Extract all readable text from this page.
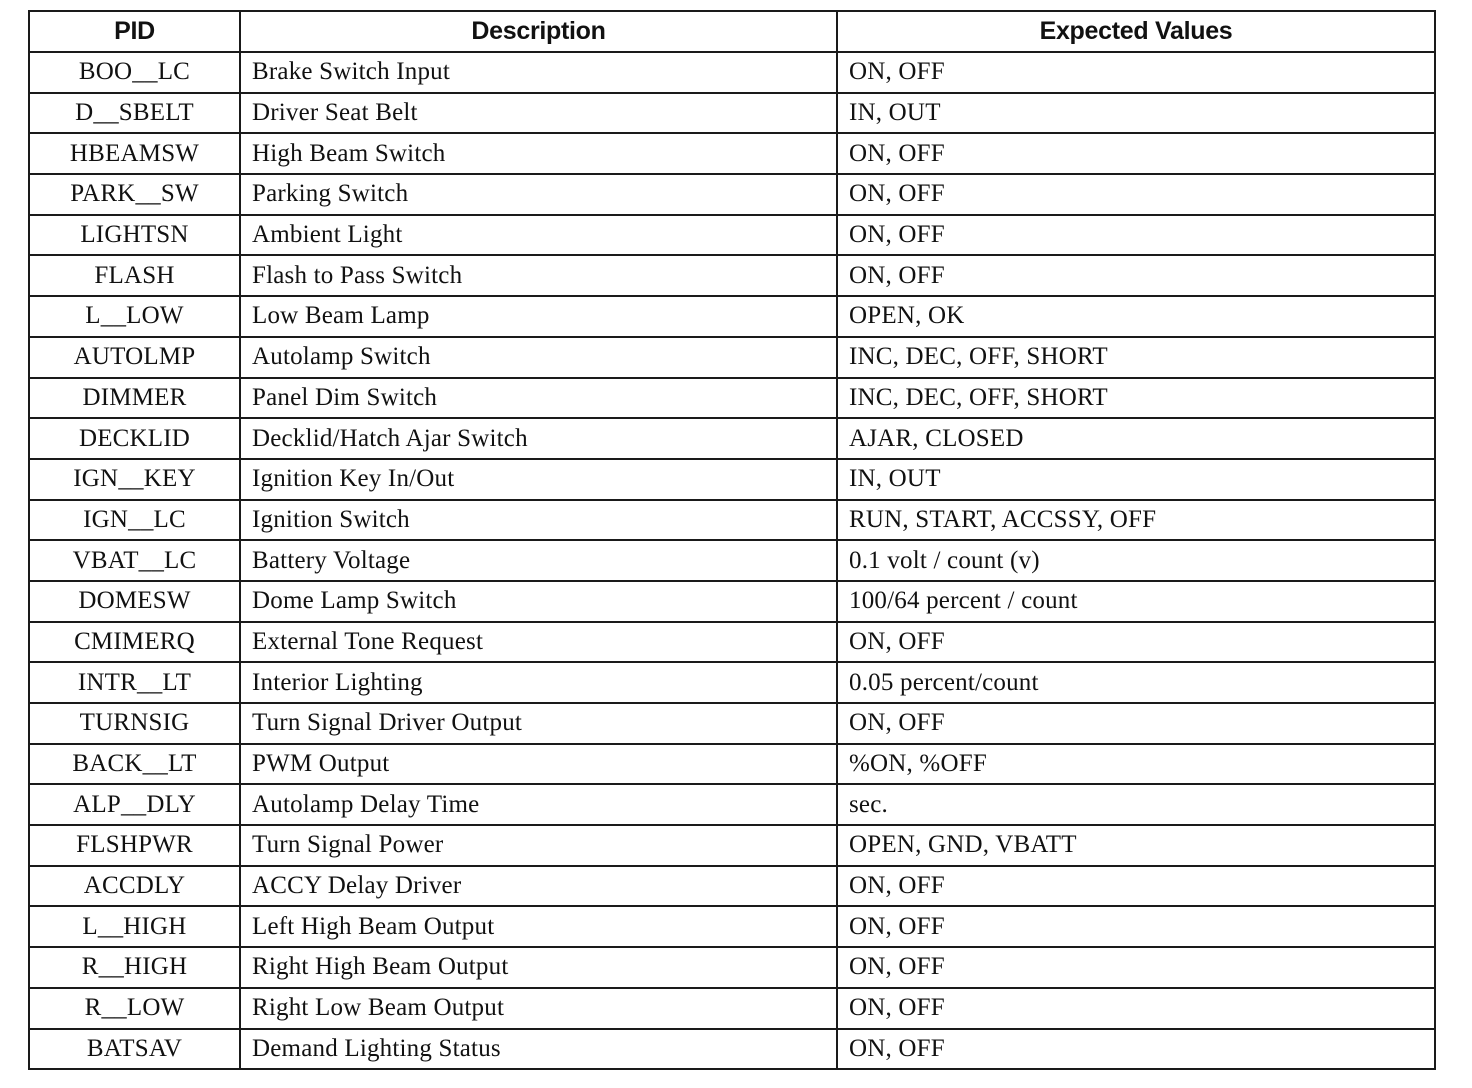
PID	Description	Expected Values
BOO__LC	Brake Switch Input	ON, OFF
D__SBELT	Driver Seat Belt	IN, OUT
HBEAMSW	High Beam Switch	ON, OFF
PARK__SW	Parking Switch	ON, OFF
LIGHTSN	Ambient Light	ON, OFF
FLASH	Flash to Pass Switch	ON, OFF
L__LOW	Low Beam Lamp	OPEN, OK
AUTOLMP	Autolamp Switch	INC, DEC, OFF, SHORT
DIMMER	Panel Dim Switch	INC, DEC, OFF, SHORT
DECKLID	Decklid/Hatch Ajar Switch	AJAR, CLOSED
IGN__KEY	Ignition Key In/Out	IN, OUT
IGN__LC	Ignition Switch	RUN, START, ACCSSY, OFF
VBAT__LC	Battery Voltage	0.1 volt / count (v)
DOMESW	Dome Lamp Switch	100/64 percent / count
CMIMERQ	External Tone Request	ON, OFF
INTR__LT	Interior Lighting	0.05 percent/count
TURNSIG	Turn Signal Driver Output	ON, OFF
BACK__LT	PWM Output	%ON, %OFF
ALP__DLY	Autolamp Delay Time	sec.
FLSHPWR	Turn Signal Power	OPEN, GND, VBATT
ACCDLY	ACCY Delay Driver	ON, OFF
L__HIGH	Left High Beam Output	ON, OFF
R__HIGH	Right High Beam Output	ON, OFF
R__LOW	Right Low Beam Output	ON, OFF
BATSAV	Demand Lighting Status	ON, OFF
